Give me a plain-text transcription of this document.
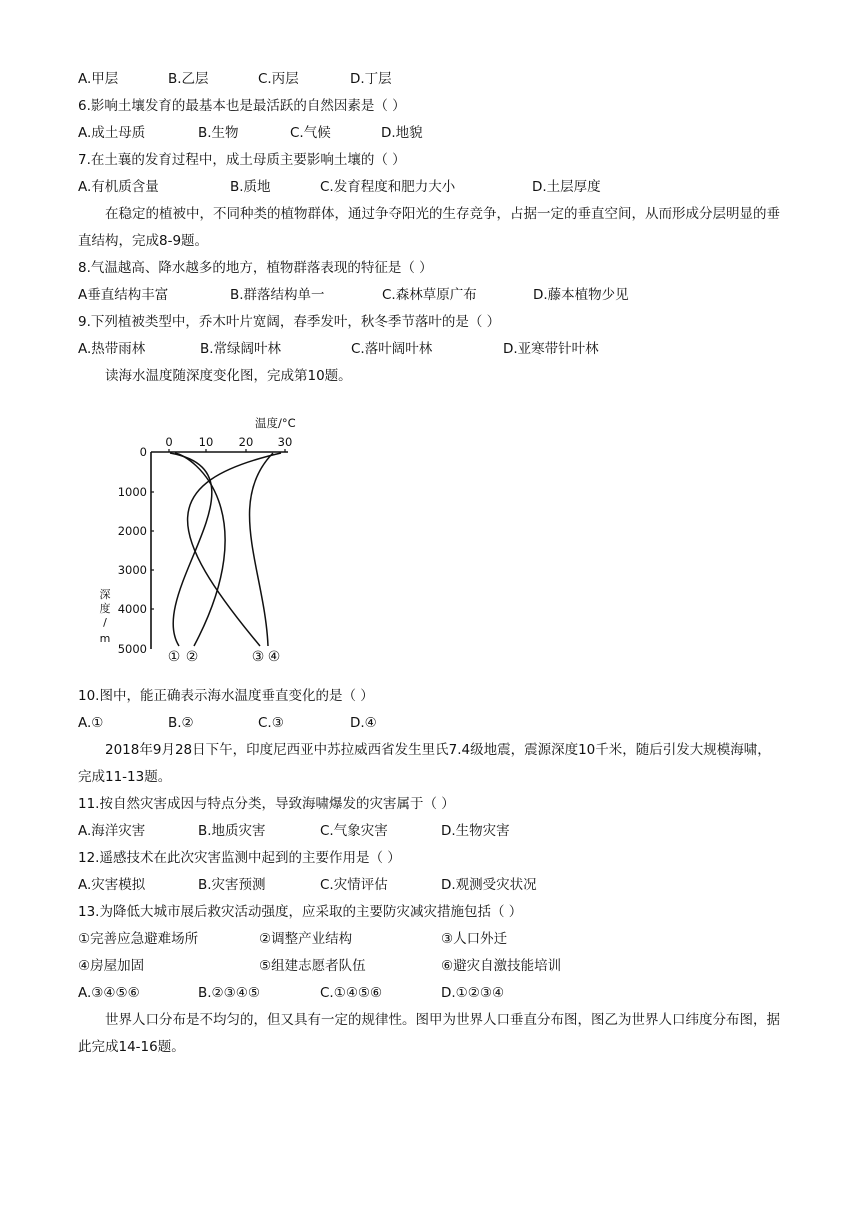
A.甲层	B.乙层	C.丙层	D.丁层
6.影响土壤发育的最基本也是最活跃的自然因素是（ ）
A.成土母质	B.生物	C.气候	D.地貌
7.在土襄的发育过程中，成土母质主要影响土壤的（ ）
A.有机质含量	B.质地	C.发育程度和肥力大小	D.土层厚度
在稳定的植被中，不同种类的植物群体，通过争夺阳光的生存竞争，占据一定的垂直空间，从而形成分层明显的垂直结构，完成8-9题。
8.气温越高、降水越多的地方，植物群落表现的特征是（ ）
A垂直结构丰富	B.群落结构单一	C.森林草原广布	D.藤本植物少见
9.下列植被类型中，乔木叶片宽阔，春季发叶，秋冬季节落叶的是（ ）
A.热带雨林	B.常绿阔叶林	C.落叶阔叶林	D.亚寒带针叶林
读海水温度随深度变化图，完成第10题。
温度/°C
0 10 20 30
0
1000
2000
3000
4000
5000
深
度
/
m
① ②	③ ④
10.图中，能正确表示海水温度垂直变化的是（ ）
A.①	B.②	C.③	D.④
2018年9月28日下午，印度尼西亚中苏拉威西省发生里氏7.4级地震，震源深度10千米，随后引发大规模海啸，完成11-13题。
11.按自然灾害成因与特点分类，导致海啸爆发的灾害属于（ ）
A.海洋灾害	B.地质灾害	C.气象灾害	D.生物灾害
12.遥感技术在此次灾害监测中起到的主要作用是（ ）
A.灾害模拟	B.灾害预测	C.灾情评估	D.观测受灾状况
13.为降低大城市展后救灾活动强度，应采取的主要防灾减灾措施包括（ ）
①完善应急避难场所	②调整产业结构	③人口外迁
④房屋加固	⑤组建志愿者队伍	⑥避灾自激技能培训
A.③④⑤⑥	B.②③④⑤	C.①④⑤⑥	D.①②③④
世界人口分布是不均匀的，但又具有一定的规律性。图甲为世界人口垂直分布图，图乙为世界人口纬度分布图，据此完成14-16题。
